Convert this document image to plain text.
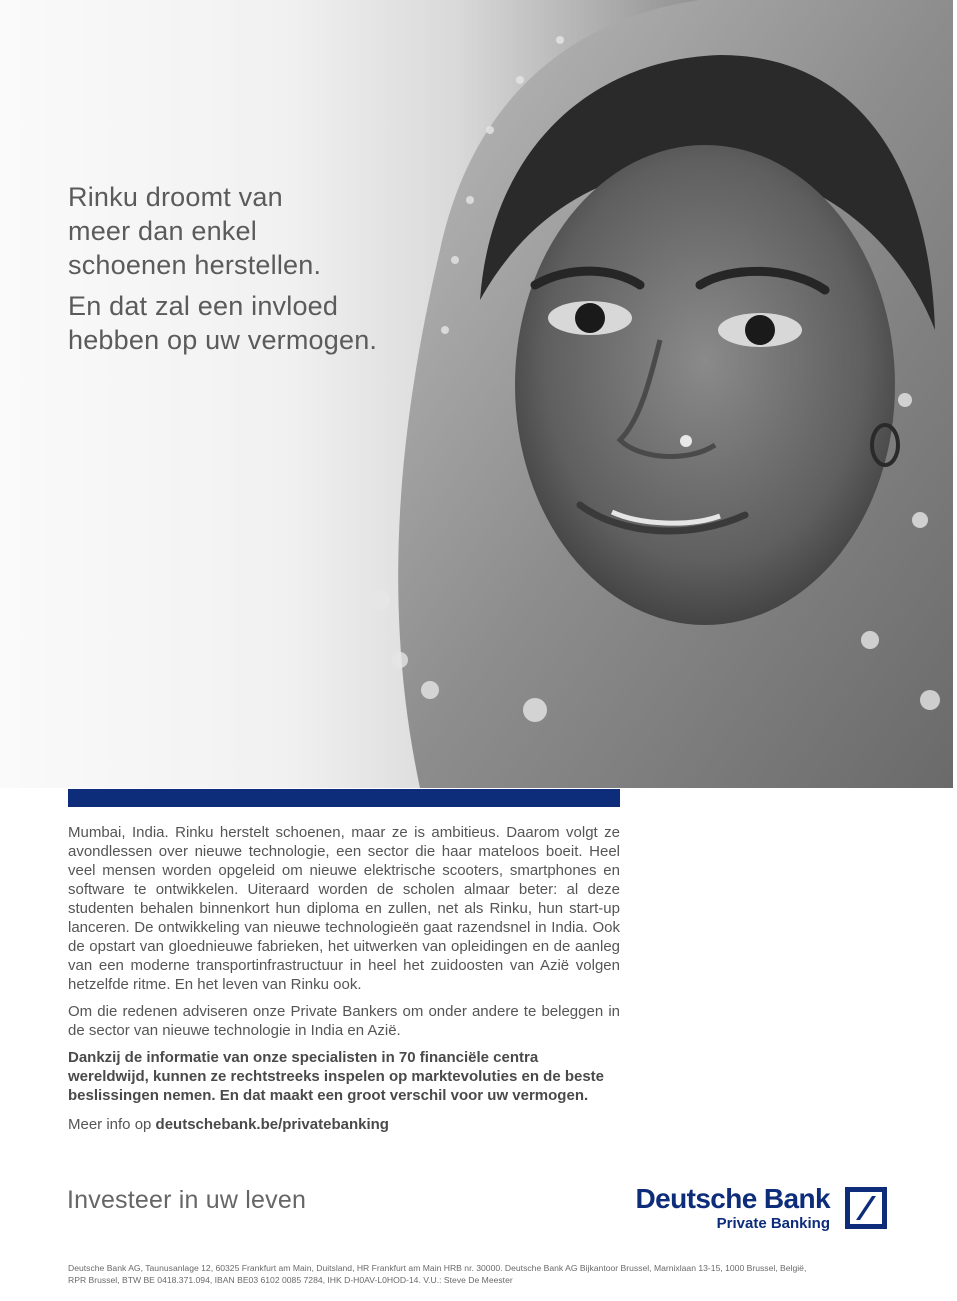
Rinku droomt van

meer dan enkel

schoenen herstellen.

En dat zal een invloed

hebben op uw vermogen.

Mumbai, India. Rinku herstelt schoenen, maar ze is ambitieus. Daarom volgt ze avondlessen over nieuwe technologie, een sector die haar mateloos boeit. Heel veel mensen worden opgeleid om nieuwe elektrische scooters, smartphones en software te ontwikkelen. Uiteraard worden de scholen almaar beter: al deze studenten behalen binnenkort hun diploma en zullen, net als Rinku, hun start-up lanceren. De ontwikkeling van nieuwe technologieën gaat razendsnel in India. Ook de opstart van gloednieuwe fabrieken, het uitwerken van opleidingen en de aanleg van een moderne transportinfrastructuur in heel het zuidoosten van Azië volgen hetzelfde ritme. En het leven van Rinku ook.

Om die redenen adviseren onze Private Bankers om onder andere te beleggen in de sector van nieuwe technologie in India en Azië.

Dankzij de informatie van onze specialisten in 70 financiële centra wereldwijd, kunnen ze rechtstreeks inspelen op marktevoluties en de beste beslissingen nemen. En dat maakt een groot verschil voor uw vermogen.

Meer info op deutschebank.be/privatebanking

Investeer in uw leven	Deutsche Bank
Private Banking
Deutsche Bank AG, Taunusanlage 12, 60325 Frankfurt am Main, Duitsland, HR Frankfurt am Main HRB nr. 30000. Deutsche Bank AG Bijkantoor Brussel, Marnixlaan 13-15, 1000 Brussel, België,
RPR Brussel, BTW BE 0418.371.094, IBAN BE03 6102 0085 7284, IHK D-H0AV-L0HOD-14. V.U.: Steve De Meester
